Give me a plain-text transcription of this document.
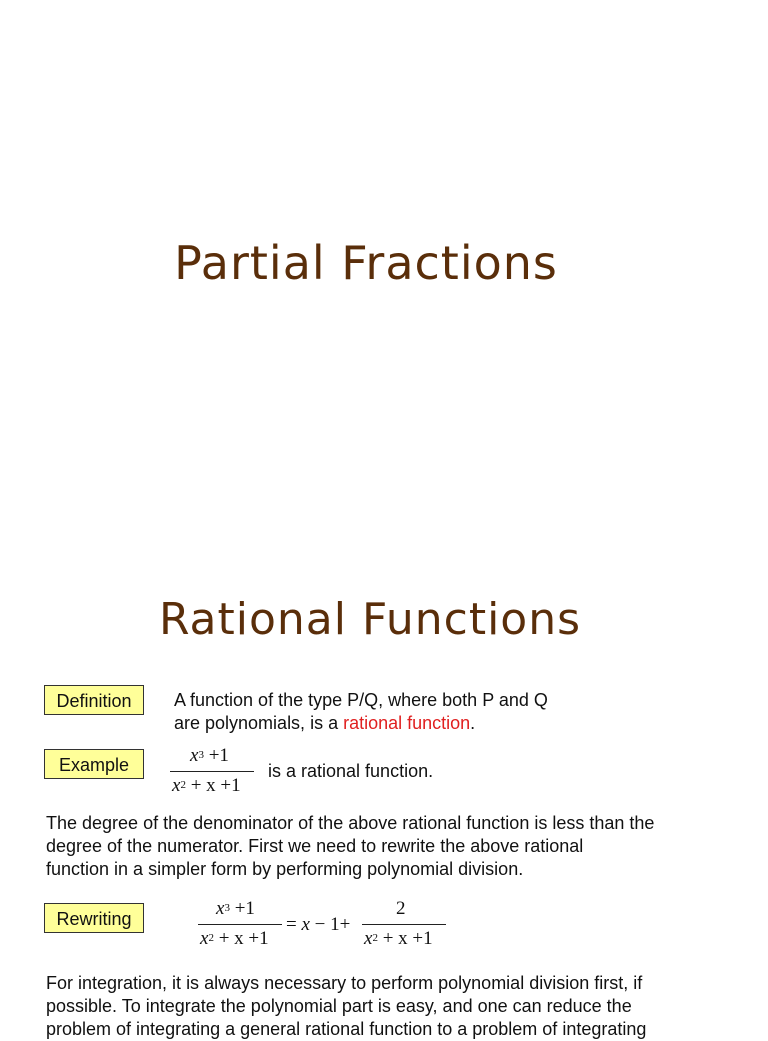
Partial Fractions
Rational Functions
Definition	A function of the type P/Q, where both P and Q
are polynomials, is a rational function.
Example	$x^3 +1$
$x^2 + x +1$
is a rational function.
The degree of the denominator of the above rational function is less than the
degree of the numerator. First we need to rewrite the above rational
function in a simpler form by performing polynomial division.
Rewriting	$x^3 +1$
$x^2 + x +1$
= x − 1+
2
$x^2 + x +1$
For integration, it is always necessary to perform polynomial division first, if
possible. To integrate the polynomial part is easy, and one can reduce the
problem of integrating a general rational function to a problem of integrating
